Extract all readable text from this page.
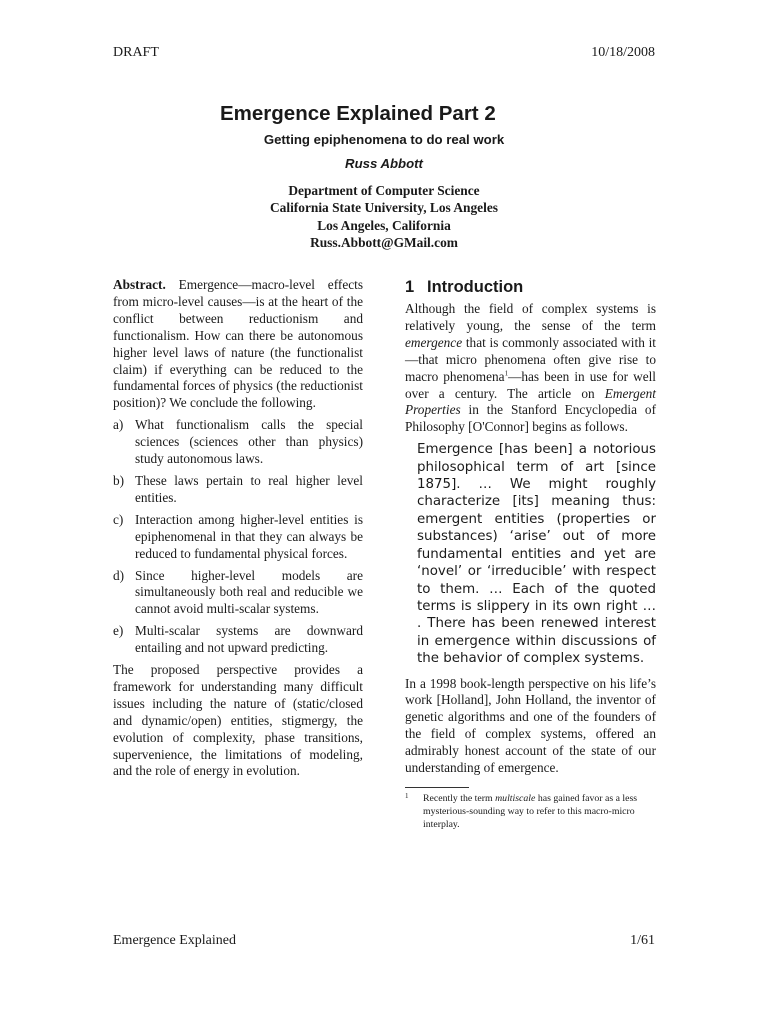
DRAFT	10/18/2008
Emergence Explained Part 2
Getting epiphenomena to do real work
Russ Abbott
Department of Computer Science
California State University, Los Angeles
Los Angeles, California
Russ.Abbott@GMail.com

Abstract. Emergence—macro-level effects from micro-level causes—is at the heart of the conflict between reductionism and functionalism. How can there be autonomous higher level laws of nature (the functionalist claim) if everything can be reduced to the fundamental forces of physics (the reductionist position)? We conclude the following.

a) What functionalism calls the special sciences (sciences other than physics) study autonomous laws.
b) These laws pertain to real higher level entities.
c) Interaction among higher-level entities is epiphenomenal in that they can always be reduced to fundamental physical forces.
d) Since higher-level models are simultaneously both real and reducible we cannot avoid multi-scalar systems.
e) Multi-scalar systems are downward entailing and not upward predicting.

The proposed perspective provides a framework for understanding many difficult issues including the nature of (static/closed and dynamic/open) entities, stigmergy, the evolution of complexity, phase transitions, supervenience, the limitations of modeling, and the role of energy in evolution.

1 Introduction

Although the field of complex systems is relatively young, the sense of the term emergence that is commonly associated with it—that micro phenomena often give rise to macro phenomena$^1$—has been in use for well over a century. The article on Emergent Properties in the Stanford Encyclopedia of Philosophy [O'Connor] begins as follows.

Emergence [has been] a notorious philosophical term of art [since 1875]. … We might roughly characterize [its] meaning thus: emergent entities (properties or substances) ‘arise’ out of more fundamental entities and yet are ‘novel’ or ‘irreducible’ with respect to them. … Each of the quoted terms is slippery in its own right … . There has been renewed interest in emergence within discussions of the behavior of complex systems.

In a 1998 book-length perspective on his life’s work [Holland], John Holland, the inventor of genetic algorithms and one of the founders of the field of complex systems, offered an admirably honest account of the state of our understanding of emergence.

1 Recently the term multiscale has gained favor as a less mysterious-sounding way to refer to this macro-micro interplay.
Emergence Explained	1/61
